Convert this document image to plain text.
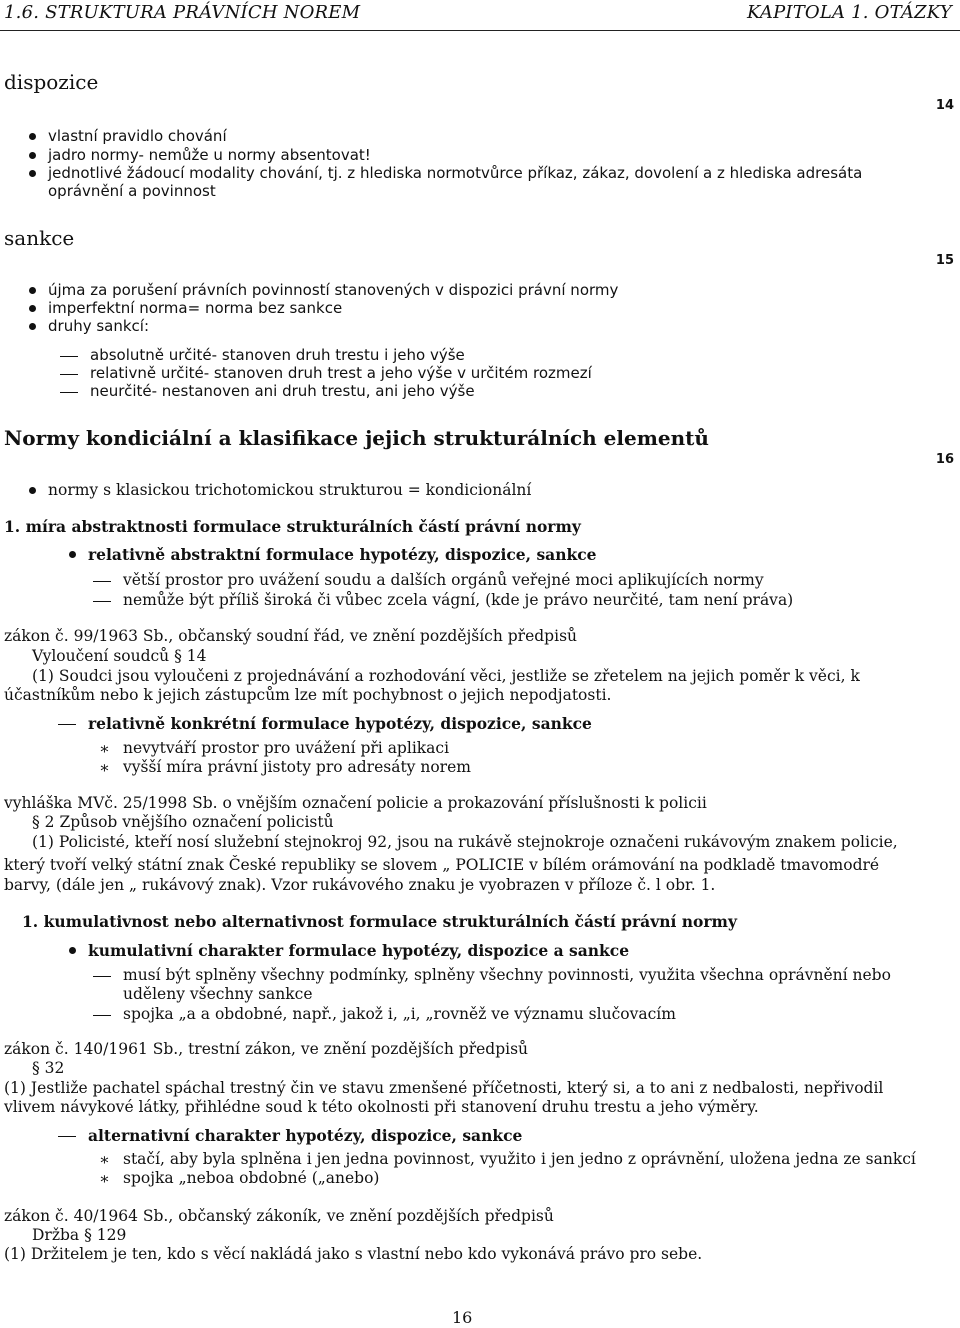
1.6. STRUKTURA PRÁVNÍCH NOREM	KAPITOLA 1. OTÁZKY
14
15
16
dispozice
vlastní pravidlo chování
jadro normy- nemůže u normy absentovat!
jednotlivé žádoucí modality chování, tj. z hlediska normotvůrce příkaz, zákaz, dovolení a z hlediska adresáta
oprávnění a povinnost
sankce
újma za porušení právních povinností stanovených v dispozici právní normy
imperfektní norma= norma bez sankce
druhy sankcí:
absolutně určité- stanoven druh trestu i jeho výše
relativně určité- stanoven druh trest a jeho výše v určitém rozmezí
neurčité- nestanoven ani druh trestu, ani jeho výše
Normy kondiciální a klasifikace jejich strukturálních elementů
normy s klasickou trichotomickou strukturou = kondicionální
1. míra abstraktnosti formulace strukturálních částí právní normy
relativně abstraktní formulace hypotézy, dispozice, sankce
větší prostor pro uvážení soudu a dalších orgánů veřejné moci aplikujících normy
nemůže být příliš široká či vůbec zcela vágní, (kde je právo neurčité, tam není práva)
zákon č. 99/1963 Sb., občanský soudní řád, ve znění pozdějších předpisů
Vyloučení soudců § 14
(1) Soudci jsou vyloučeni z projednávání a rozhodování věci, jestliže se zřetelem na jejich poměr k věci, k
účastníkům nebo k jejich zástupcům lze mít pochybnost o jejich nepodjatosti.
relativně konkrétní formulace hypotézy, dispozice, sankce
∗ nevytváří prostor pro uvážení při aplikaci
∗ vyšší míra právní jistoty pro adresáty norem
vyhláška MVč. 25/1998 Sb. o vnějším označení policie a prokazování příslušnosti k policii
§ 2 Způsob vnějšího označení policistů
(1) Policisté, kteří nosí služební stejnokroj 92, jsou na rukávě stejnokroje označeni rukávovým znakem policie,
který tvoří velký státní znak České republiky se slovem „ POLICIE v bílém orámování na podkladě tmavomodré
barvy, (dále jen „ rukávový znak). Vzor rukávového znaku je vyobrazen v příloze č. l obr. 1.
1. kumulativnost nebo alternativnost formulace strukturálních částí právní normy
kumulativní charakter formulace hypotézy, dispozice a sankce
musí být splněny všechny podmínky, splněny všechny povinnosti, využita všechna oprávnění nebo
uděleny všechny sankce
spojka „a a obdobné, např., jakož i, „i, „rovněž ve významu slučovacím
zákon č. 140/1961 Sb., trestní zákon, ve znění pozdějších předpisů
§ 32
(1) Jestliže pachatel spáchal trestný čin ve stavu zmenšené příčetnosti, který si, a to ani z nedbalosti, nepřivodil
vlivem návykové látky, přihlédne soud k této okolnosti při stanovení druhu trestu a jeho výměry.
alternativní charakter hypotézy, dispozice, sankce
∗ stačí, aby byla splněna i jen jedna povinnost, využito i jen jedno z oprávnění, uložena jedna ze sankcí
∗ spojka „neboa obdobné („anebo)
zákon č. 40/1964 Sb., občanský zákoník, ve znění pozdějších předpisů
Držba § 129
(1) Držitelem je ten, kdo s věcí nakládá jako s vlastní nebo kdo vykonává právo pro sebe.
16
